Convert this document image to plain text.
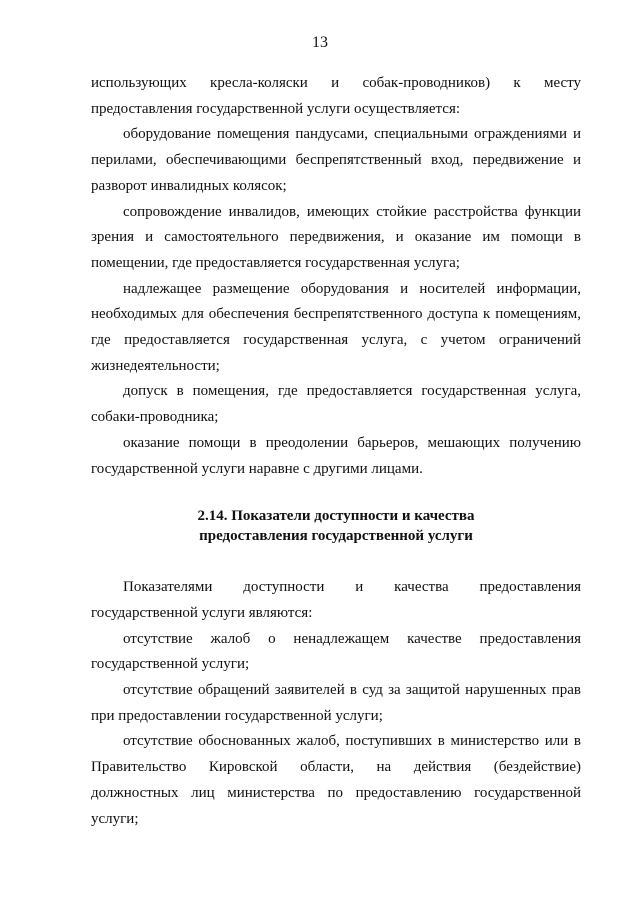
13
использующих кресла-коляски и собак-проводников) к месту
предоставления государственной услуги осуществляется:
оборудование помещения пандусами, специальными ограждениями и
перилами, обеспечивающими беспрепятственный вход, передвижение и
разворот инвалидных колясок;
сопровождение инвалидов, имеющих стойкие расстройства функции
зрения и самостоятельного передвижения, и оказание им помощи в
помещении, где предоставляется государственная услуга;
надлежащее размещение оборудования и носителей информации,
необходимых для обеспечения беспрепятственного доступа к помещениям,
где предоставляется государственная услуга, с учетом ограничений
жизнедеятельности;
допуск в помещения, где предоставляется государственная услуга,
собаки-проводника;
оказание помощи в преодолении барьеров, мешающих получению
государственной услуги наравне с другими лицами.
2.14. Показатели доступности и качества
предоставления государственной услуги
Показателями доступности и качества предоставления
государственной услуги являются:
отсутствие жалоб о ненадлежащем качестве предоставления
государственной услуги;
отсутствие обращений заявителей в суд за защитой нарушенных прав
при предоставлении государственной услуги;
отсутствие обоснованных жалоб, поступивших в министерство или в
Правительство Кировской области, на действия (бездействие)
должностных лиц министерства по предоставлению государственной
услуги;
